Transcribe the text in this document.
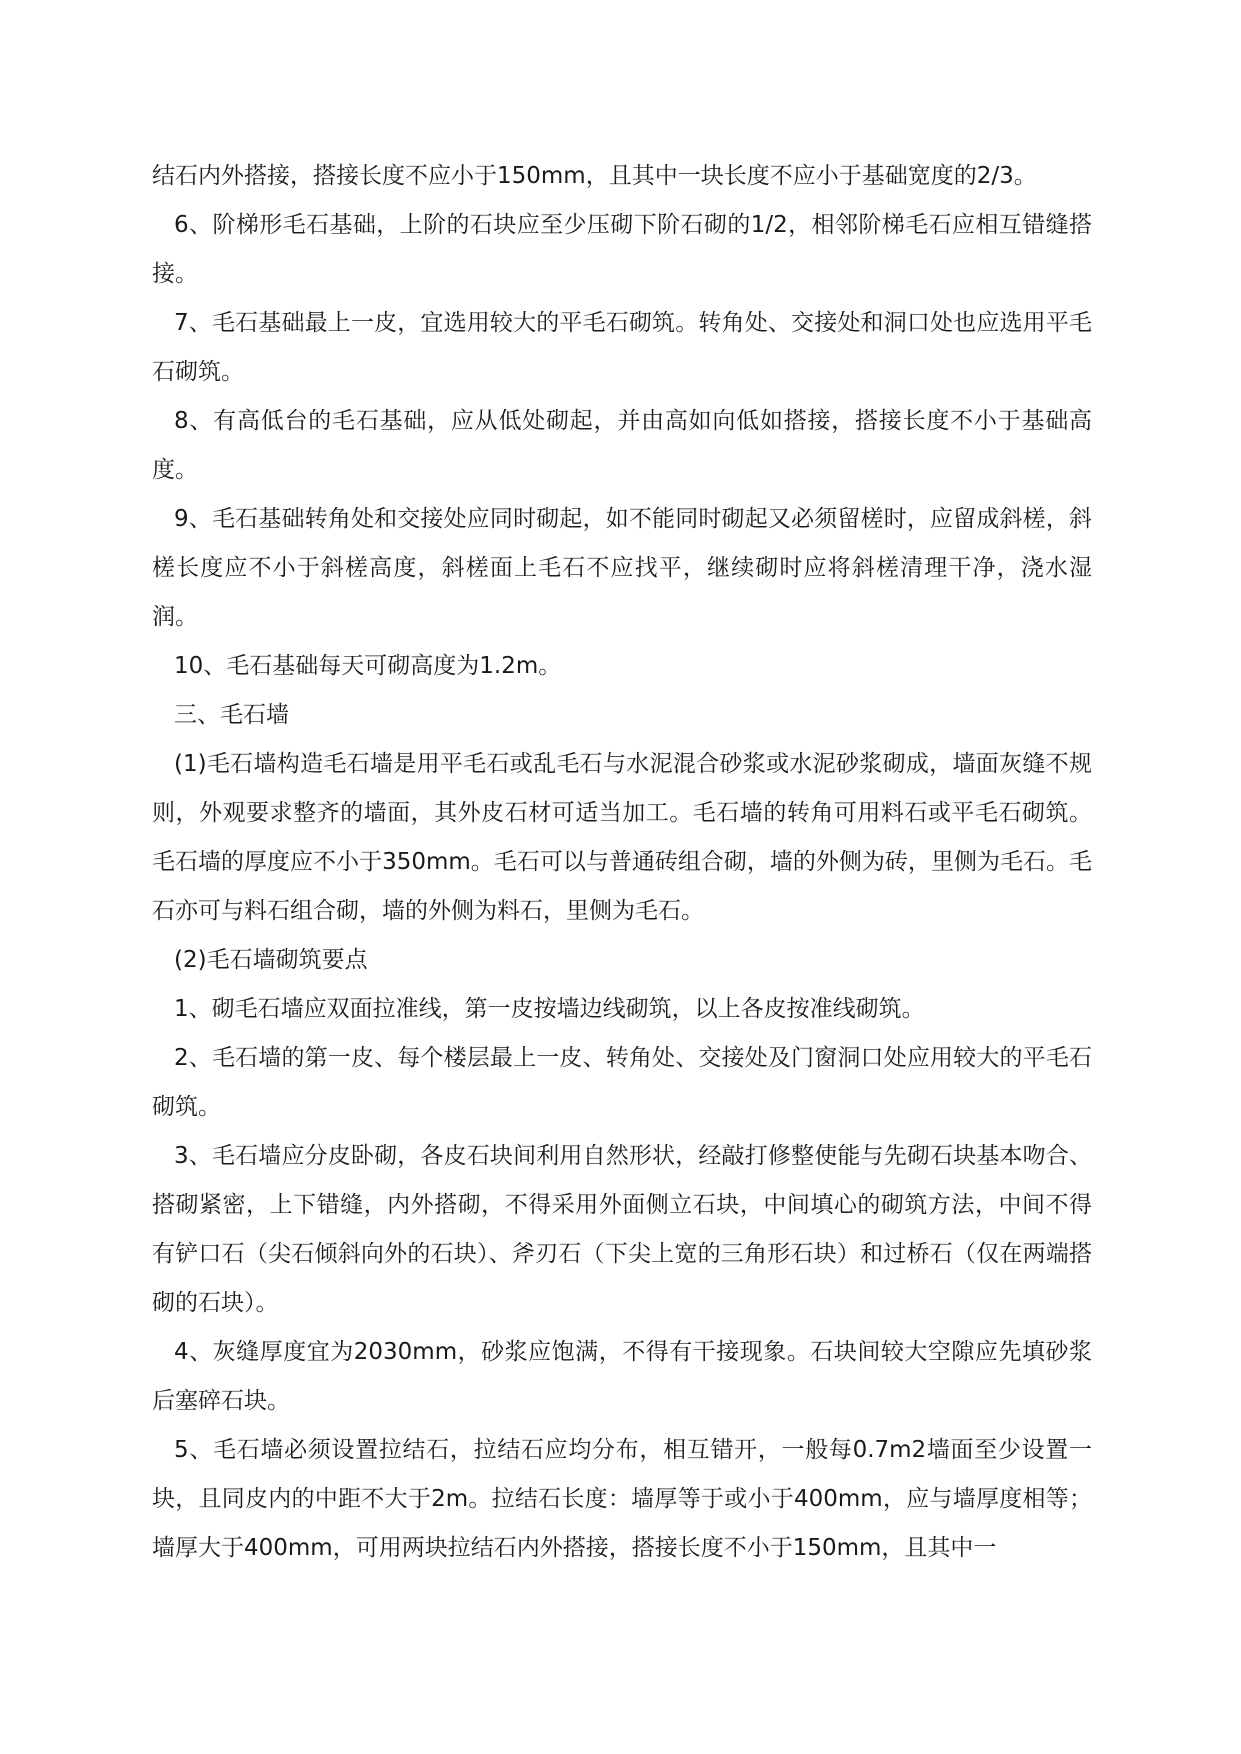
结石内外搭接，搭接长度不应小于150mm，且其中一块长度不应小于基础宽度的2/3。

6、阶梯形毛石基础，上阶的石块应至少压砌下阶石砌的1/2，相邻阶梯毛石应相互错缝搭接。

7、毛石基础最上一皮，宜选用较大的平毛石砌筑。转角处、交接处和洞口处也应选用平毛石砌筑。

8、有高低台的毛石基础，应从低处砌起，并由高如向低如搭接，搭接长度不小于基础高度。

9、毛石基础转角处和交接处应同时砌起，如不能同时砌起又必须留槎时，应留成斜槎，斜槎长度应不小于斜槎高度，斜槎面上毛石不应找平，继续砌时应将斜槎清理干净，浇水湿润。

10、毛石基础每天可砌高度为1.2m。

三、毛石墙

(1)毛石墙构造毛石墙是用平毛石或乱毛石与水泥混合砂浆或水泥砂浆砌成，墙面灰缝不规则，外观要求整齐的墙面，其外皮石材可适当加工。毛石墙的转角可用料石或平毛石砌筑。毛石墙的厚度应不小于350mm。毛石可以与普通砖组合砌，墙的外侧为砖，里侧为毛石。毛石亦可与料石组合砌，墙的外侧为料石，里侧为毛石。

(2)毛石墙砌筑要点

1、砌毛石墙应双面拉准线，第一皮按墙边线砌筑，以上各皮按准线砌筑。

2、毛石墙的第一皮、每个楼层最上一皮、转角处、交接处及门窗洞口处应用较大的平毛石砌筑。

3、毛石墙应分皮卧砌，各皮石块间利用自然形状，经敲打修整使能与先砌石块基本吻合、搭砌紧密，上下错缝，内外搭砌，不得采用外面侧立石块，中间填心的砌筑方法，中间不得有铲口石（尖石倾斜向外的石块）、斧刃石（下尖上宽的三角形石块）和过桥石（仅在两端搭砌的石块）。

4、灰缝厚度宜为2030mm，砂浆应饱满，不得有干接现象。石块间较大空隙应先填砂浆后塞碎石块。

5、毛石墙必须设置拉结石，拉结石应均分布，相互错开，一般每0.7m2墙面至少设置一块，且同皮内的中距不大于2m。拉结石长度：墙厚等于或小于400mm，应与墙厚度相等；墙厚大于400mm，可用两块拉结石内外搭接，搭接长度不小于150mm，且其中一
